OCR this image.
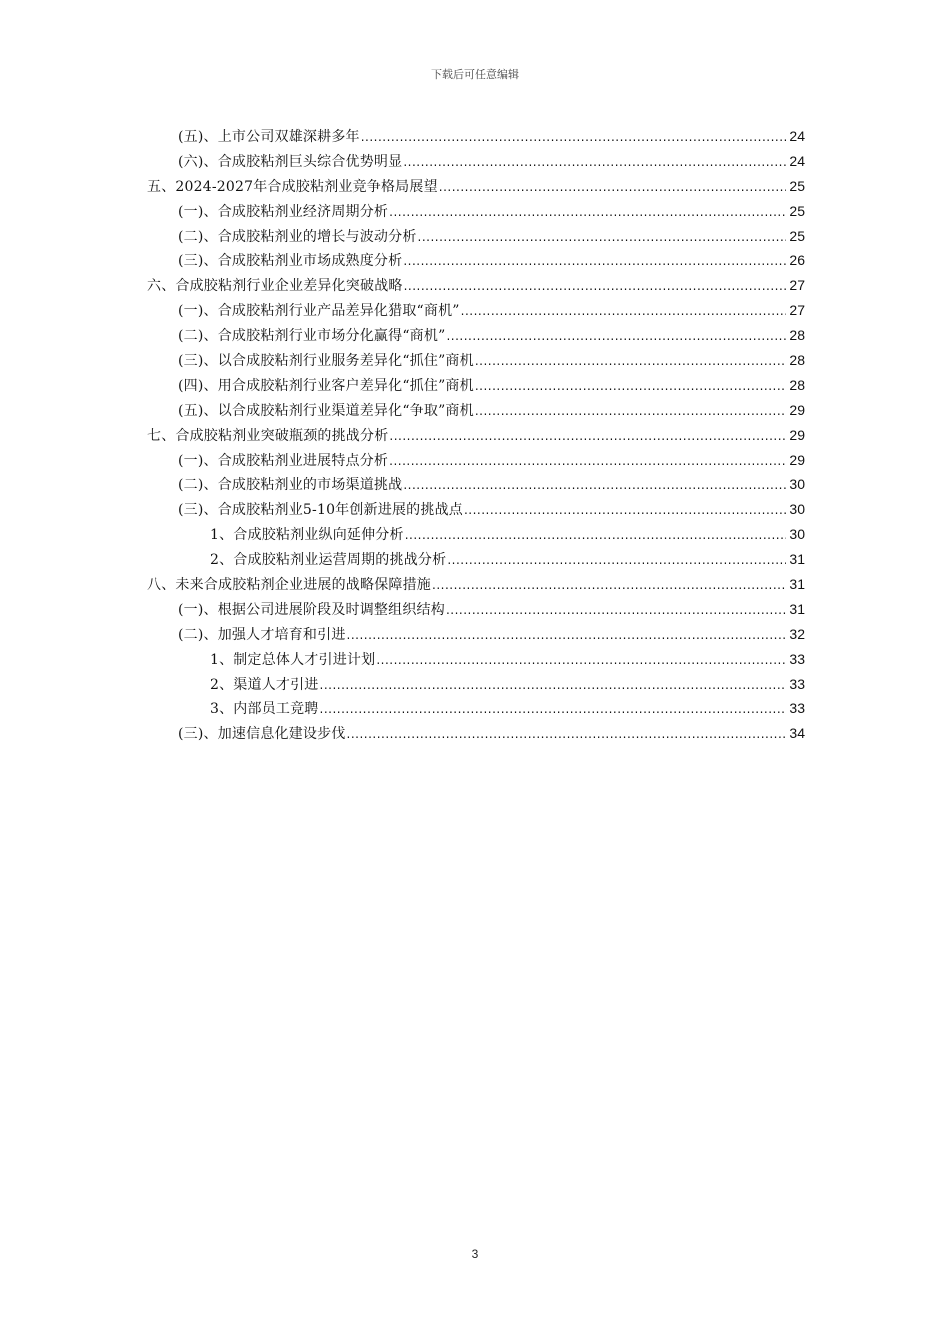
下载后可任意编辑
(五)、上市公司双雄深耕多年 .....	24
(六)、合成胶粘剂巨头综合优势明显 .....	24
五、2024-2027年合成胶粘剂业竞争格局展望 .....	25
(一)、合成胶粘剂业经济周期分析 .....	25
(二)、合成胶粘剂业的增长与波动分析 .....	25
(三)、合成胶粘剂业市场成熟度分析 .....	26
六、合成胶粘剂行业企业差异化突破战略 .....	27
(一)、合成胶粘剂行业产品差异化猎取“商机” .....	27
(二)、合成胶粘剂行业市场分化赢得“商机” .....	28
(三)、以合成胶粘剂行业服务差异化“抓住”商机 .....	28
(四)、用合成胶粘剂行业客户差异化“抓住”商机 .....	28
(五)、以合成胶粘剂行业渠道差异化“争取”商机 .....	29
七、合成胶粘剂业突破瓶颈的挑战分析 .....	29
(一)、合成胶粘剂业进展特点分析 .....	29
(二)、合成胶粘剂业的市场渠道挑战 .....	30
(三)、合成胶粘剂业5-10年创新进展的挑战点 .....	30
1、合成胶粘剂业纵向延伸分析 .....	30
2、合成胶粘剂业运营周期的挑战分析 .....	31
八、未来合成胶粘剂企业进展的战略保障措施 .....	31
(一)、根据公司进展阶段及时调整组织结构 .....	31
(二)、加强人才培育和引进 .....	32
1、制定总体人才引进计划 .....	33
2、渠道人才引进 .....	33
3、内部员工竞聘 .....	33
(三)、加速信息化建设步伐 .....	34
3
